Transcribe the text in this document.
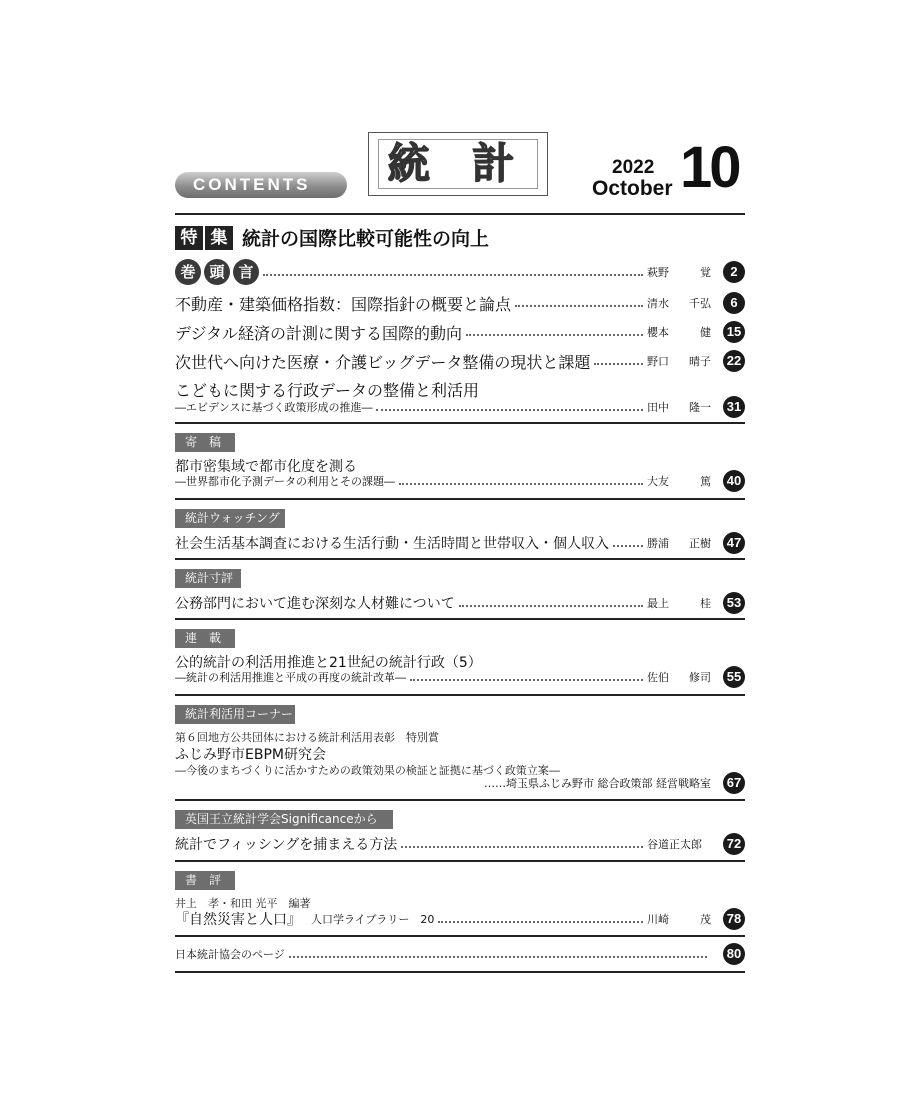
CONTENTS	統 計	2022
October 10
特 集 統計の国際比較可能性の向上
巻 頭 言	萩野	覚	2
不動産・建築価格指数：国際指針の概要と論点	清水 千弘	6
デジタル経済の計測に関する国際的動向	櫻本	健 15
次世代へ向けた医療・介護ビッグデータ整備の現状と課題	野口 晴子 22
こどもに関する行政データの整備と利活用
―エビデンスに基づく政策形成の推進―	田中 隆一 31
寄　稿
都市密集域で都市化度を測る
―世界都市化予測データの利用とその課題―	大友	篤 40
統計ウォッチング
社会生活基本調査における生活行動・生活時間と世帯収入・個人収入	勝浦 正樹 47
統計寸評
公務部門において進む深刻な人材難について	最上	桂 53
連　載
公的統計の利活用推進と21世紀の統計行政（5）
―統計の利活用推進と平成の再度の統計改革―	佐伯 修司 55
統計利活用コーナー
第６回地方公共団体における統計利活用表彰　特別賞
ふじみ野市EBPM研究会
―今後のまちづくりに活かすための政策効果の検証と証拠に基づく政策立案―
……埼玉県ふじみ野市 総合政策部 経営戦略室 67
英国王立統計学会Significanceから
統計でフィッシングを捕まえる方法	谷道正太郎 72
書　評
井上　孝・和田 光平　編著
『自然災害と人口』 人口学ライブラリー　20	川崎	茂 78
日本統計協会のページ	80
